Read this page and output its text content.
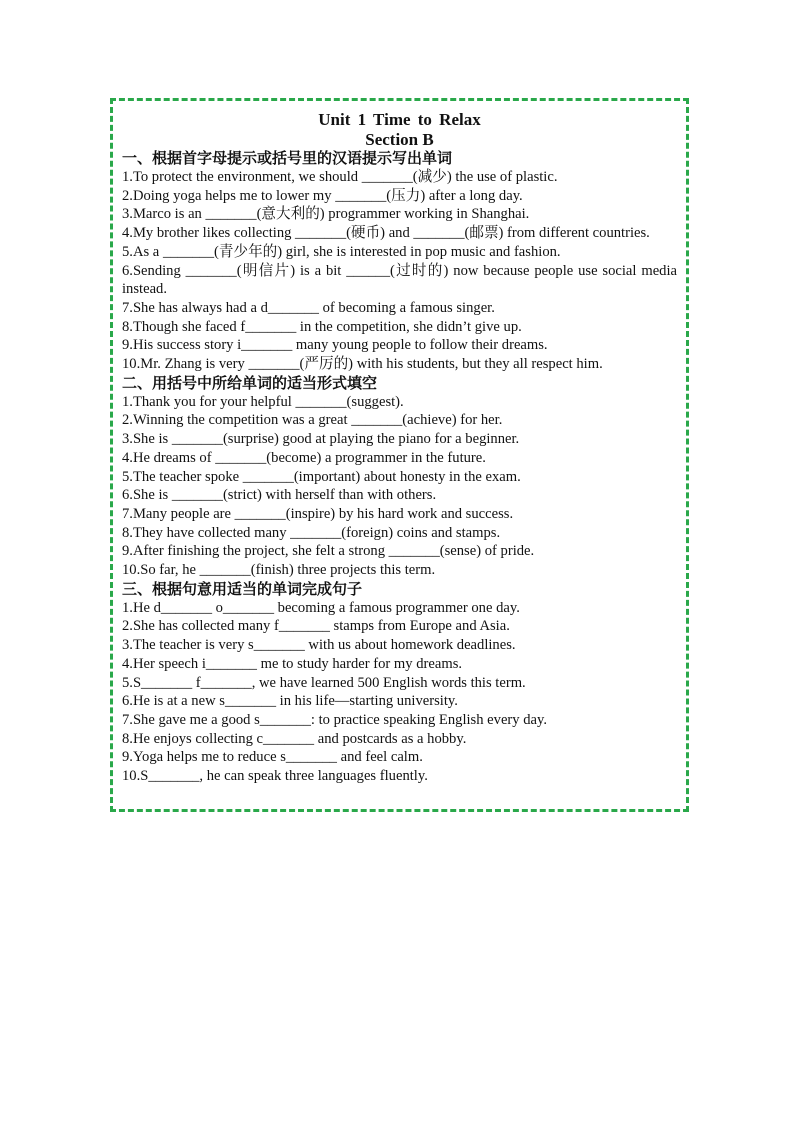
Unit 1 Time to Relax
Section B
一、根据首字母提示或括号里的汉语提示写出单词
1.To protect the environment, we should _______(减少) the use of plastic.
2.Doing yoga helps me to lower my _______(压力) after a long day.
3.Marco is an _______(意大利的) programmer working in Shanghai.
4.My brother likes collecting _______(硬币) and _______(邮票) from different countries.
5.As a _______(青少年的) girl, she is interested in pop music and fashion.
6.Sending _______(明信片) is a bit ______(过时的) now because people use social media instead.
7.She has always had a d_______ of becoming a famous singer.
8.Though she faced f_______ in the competition, she didn’t give up.
9.His success story i_______ many young people to follow their dreams.
10.Mr. Zhang is very _______(严厉的) with his students, but they all respect him.
二、用括号中所给单词的适当形式填空
1.Thank you for your helpful _______(suggest).
2.Winning the competition was a great _______(achieve) for her.
3.She is _______(surprise) good at playing the piano for a beginner.
4.He dreams of _______(become) a programmer in the future.
5.The teacher spoke _______(important) about honesty in the exam.
6.She is _______(strict) with herself than with others.
7.Many people are _______(inspire) by his hard work and success.
8.They have collected many _______(foreign) coins and stamps.
9.After finishing the project, she felt a strong _______(sense) of pride.
10.So far, he _______(finish) three projects this term.
三、根据句意用适当的单词完成句子
1.He d_______ o_______ becoming a famous programmer one day.
2.She has collected many f_______ stamps from Europe and Asia.
3.The teacher is very s_______ with us about homework deadlines.
4.Her speech i_______ me to study harder for my dreams.
5.S_______ f_______, we have learned 500 English words this term.
6.He is at a new s_______ in his life—starting university.
7.She gave me a good s_______: to practice speaking English every day.
8.He enjoys collecting c_______ and postcards as a hobby.
9.Yoga helps me to reduce s_______ and feel calm.
10.S_______, he can speak three languages fluently.
